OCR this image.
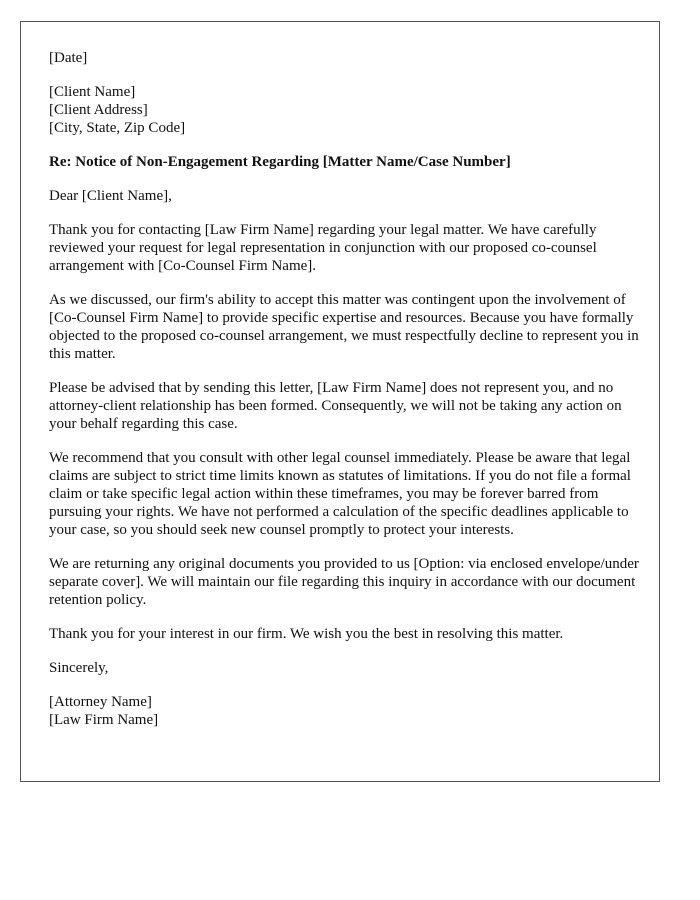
[Date]
[Client Name]
[Client Address]
[City, State, Zip Code]
Re: Notice of Non-Engagement Regarding [Matter Name/Case Number]
Dear [Client Name],
Thank you for contacting [Law Firm Name] regarding your legal matter. We have carefully reviewed your request for legal representation in conjunction with our proposed co-counsel arrangement with [Co-Counsel Firm Name].
As we discussed, our firm's ability to accept this matter was contingent upon the involvement of [Co-Counsel Firm Name] to provide specific expertise and resources. Because you have formally objected to the proposed co-counsel arrangement, we must respectfully decline to represent you in this matter.
Please be advised that by sending this letter, [Law Firm Name] does not represent you, and no attorney-client relationship has been formed. Consequently, we will not be taking any action on your behalf regarding this case.
We recommend that you consult with other legal counsel immediately. Please be aware that legal claims are subject to strict time limits known as statutes of limitations. If you do not file a formal claim or take specific legal action within these timeframes, you may be forever barred from pursuing your rights. We have not performed a calculation of the specific deadlines applicable to your case, so you should seek new counsel promptly to protect your interests.
We are returning any original documents you provided to us [Option: via enclosed envelope/under separate cover]. We will maintain our file regarding this inquiry in accordance with our document retention policy.
Thank you for your interest in our firm. We wish you the best in resolving this matter.
Sincerely,
[Attorney Name]
[Law Firm Name]
